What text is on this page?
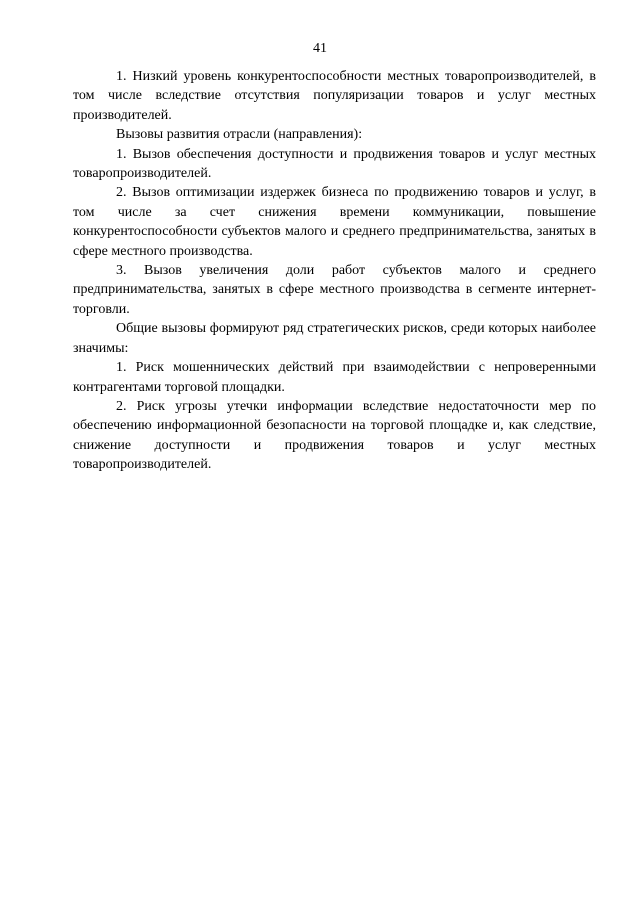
41

1. Низкий уровень конкурентоспособности местных товаропроизводителей, в том числе вследствие отсутствия популяризации товаров и услуг местных производителей.

Вызовы развития отрасли (направления):

1. Вызов обеспечения доступности и продвижения товаров и услуг местных товаропроизводителей.

2. Вызов оптимизации издержек бизнеса по продвижению товаров и услуг, в том числе за счет снижения времени коммуникации, повышение конкурентоспособности субъектов малого и среднего предпринимательства, занятых в сфере местного производства.

3. Вызов увеличения доли работ субъектов малого и среднего предпринимательства, занятых в сфере местного производства в сегменте интернет-торговли.

Общие вызовы формируют ряд стратегических рисков, среди которых наиболее значимы:

1. Риск мошеннических действий при взаимодействии с непроверенными контрагентами торговой площадки.

2. Риск угрозы утечки информации вследствие недостаточности мер по обеспечению информационной безопасности на торговой площадке и, как следствие, снижение доступности и продвижения товаров и услуг местных товаропроизводителей.
